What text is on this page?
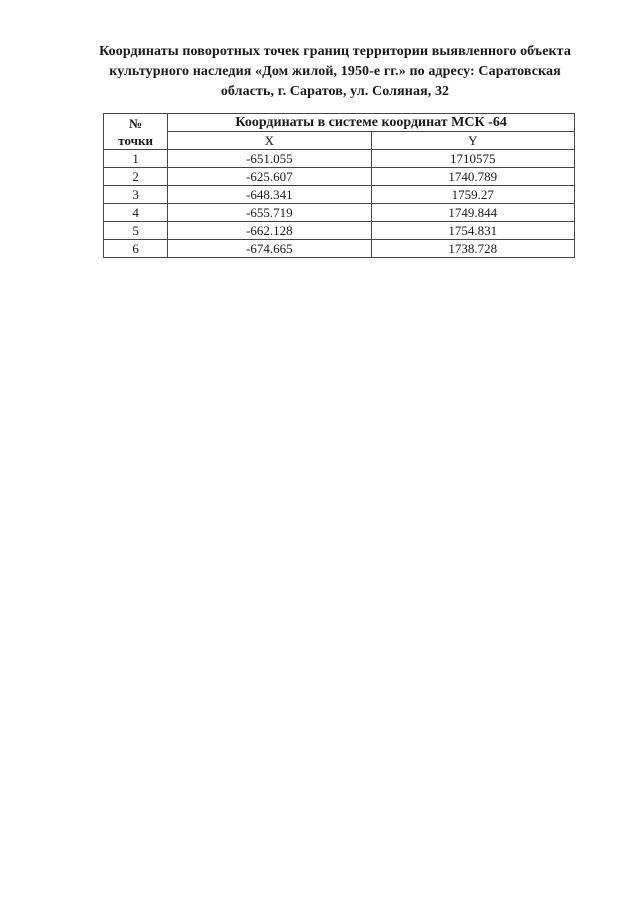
Координаты поворотных точек границ территории выявленного объекта
культурного наследия «Дом жилой, 1950-е гг.» по адресу: Саратовская
область, г. Саратов, ул. Соляная, 32
№
точки	Координаты в системе координат МСК -64	
	X	Y
1	-651.055	1710575
2	-625.607	1740.789
3	-648.341	1759.27
4	-655.719	1749.844
5	-662.128	1754.831
6	-674.665	1738.728
